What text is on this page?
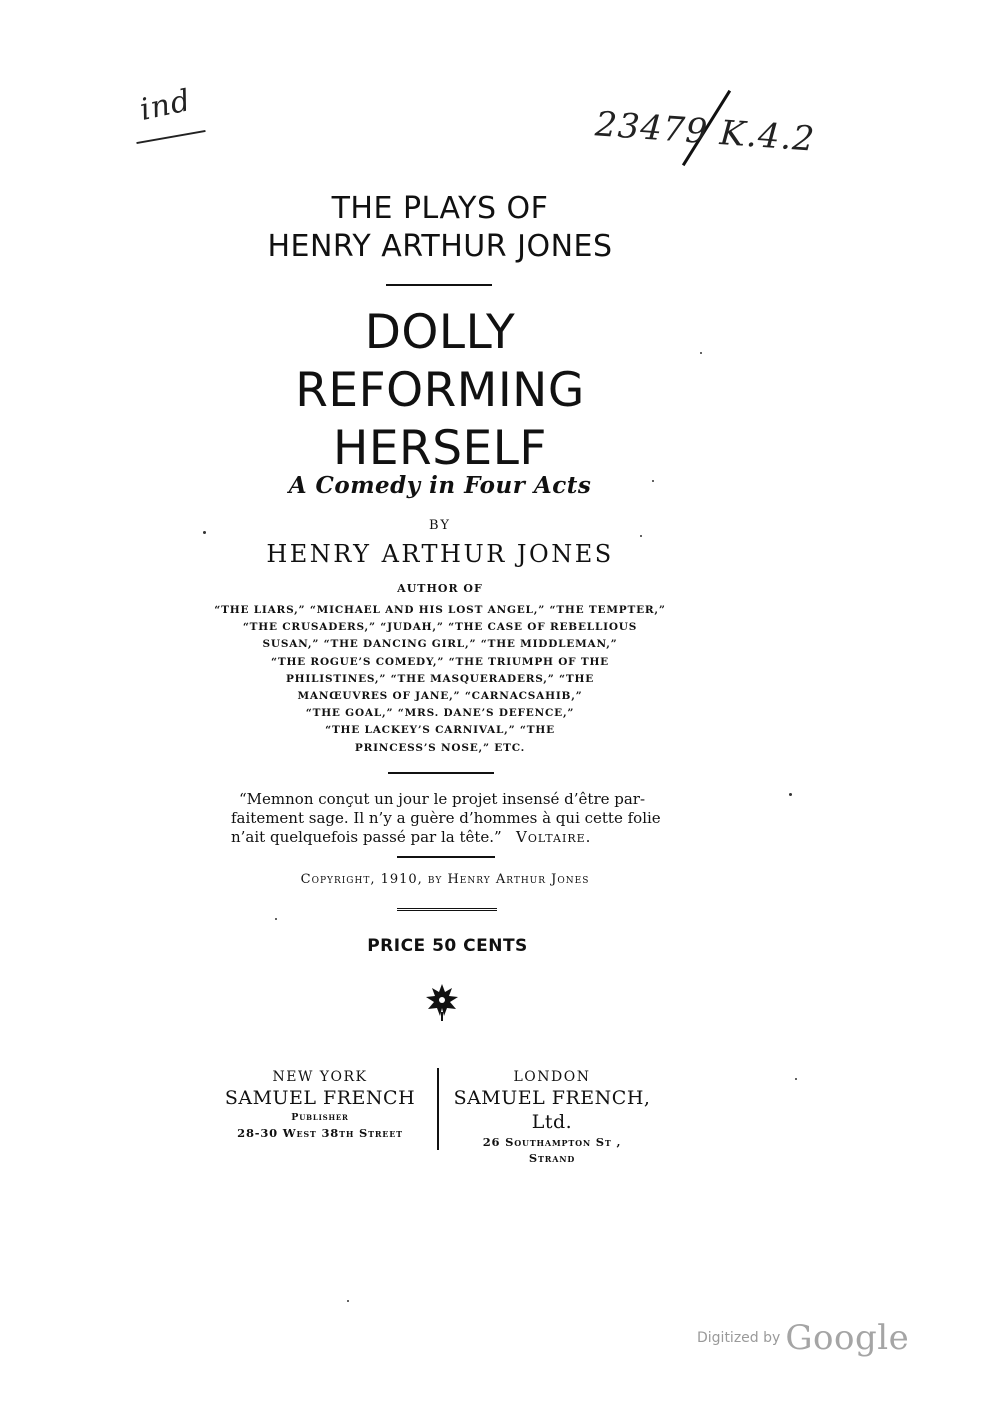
ind	23479 K.4.2
THE PLAYS OF
HENRY ARTHUR JONES
DOLLY
REFORMING
HERSELF
A Comedy in Four Acts
BY
HENRY ARTHUR JONES
AUTHOR OF
“THE LIARS,” “MICHAEL AND HIS LOST ANGEL,” “THE TEMPTER,”
“THE CRUSADERS,” “JUDAH,” “THE CASE OF REBELLIOUS
SUSAN,” “THE DANCING GIRL,” “THE MIDDLEMAN,”
“THE ROGUE’S COMEDY,” “THE TRIUMPH OF THE
PHILISTINES,” “THE MASQUERADERS,” “THE
MANŒUVRES OF JANE,” “CARNACSAHIB,”
“THE GOAL,” “MRS. DANE’S DEFENCE,”
“THE LACKEY’S CARNIVAL,” “THE
PRINCESS’S NOSE,” ETC.
“Memnon conçut un jour le projet insensé d’être par-
faitement sage. Il n’y a guère d’hommes à qui cette folie
n’ait quelquefois passé par la tête.” Voltaire.
Copyright, 1910, by Henry Arthur Jones
PRICE 50 CENTS
NEW YORK
SAMUEL FRENCH
Publisher
28-30 West 38th Street
LONDON
SAMUEL FRENCH, Ltd.
26 Southampton St ,
Strand
Digitized by Google
